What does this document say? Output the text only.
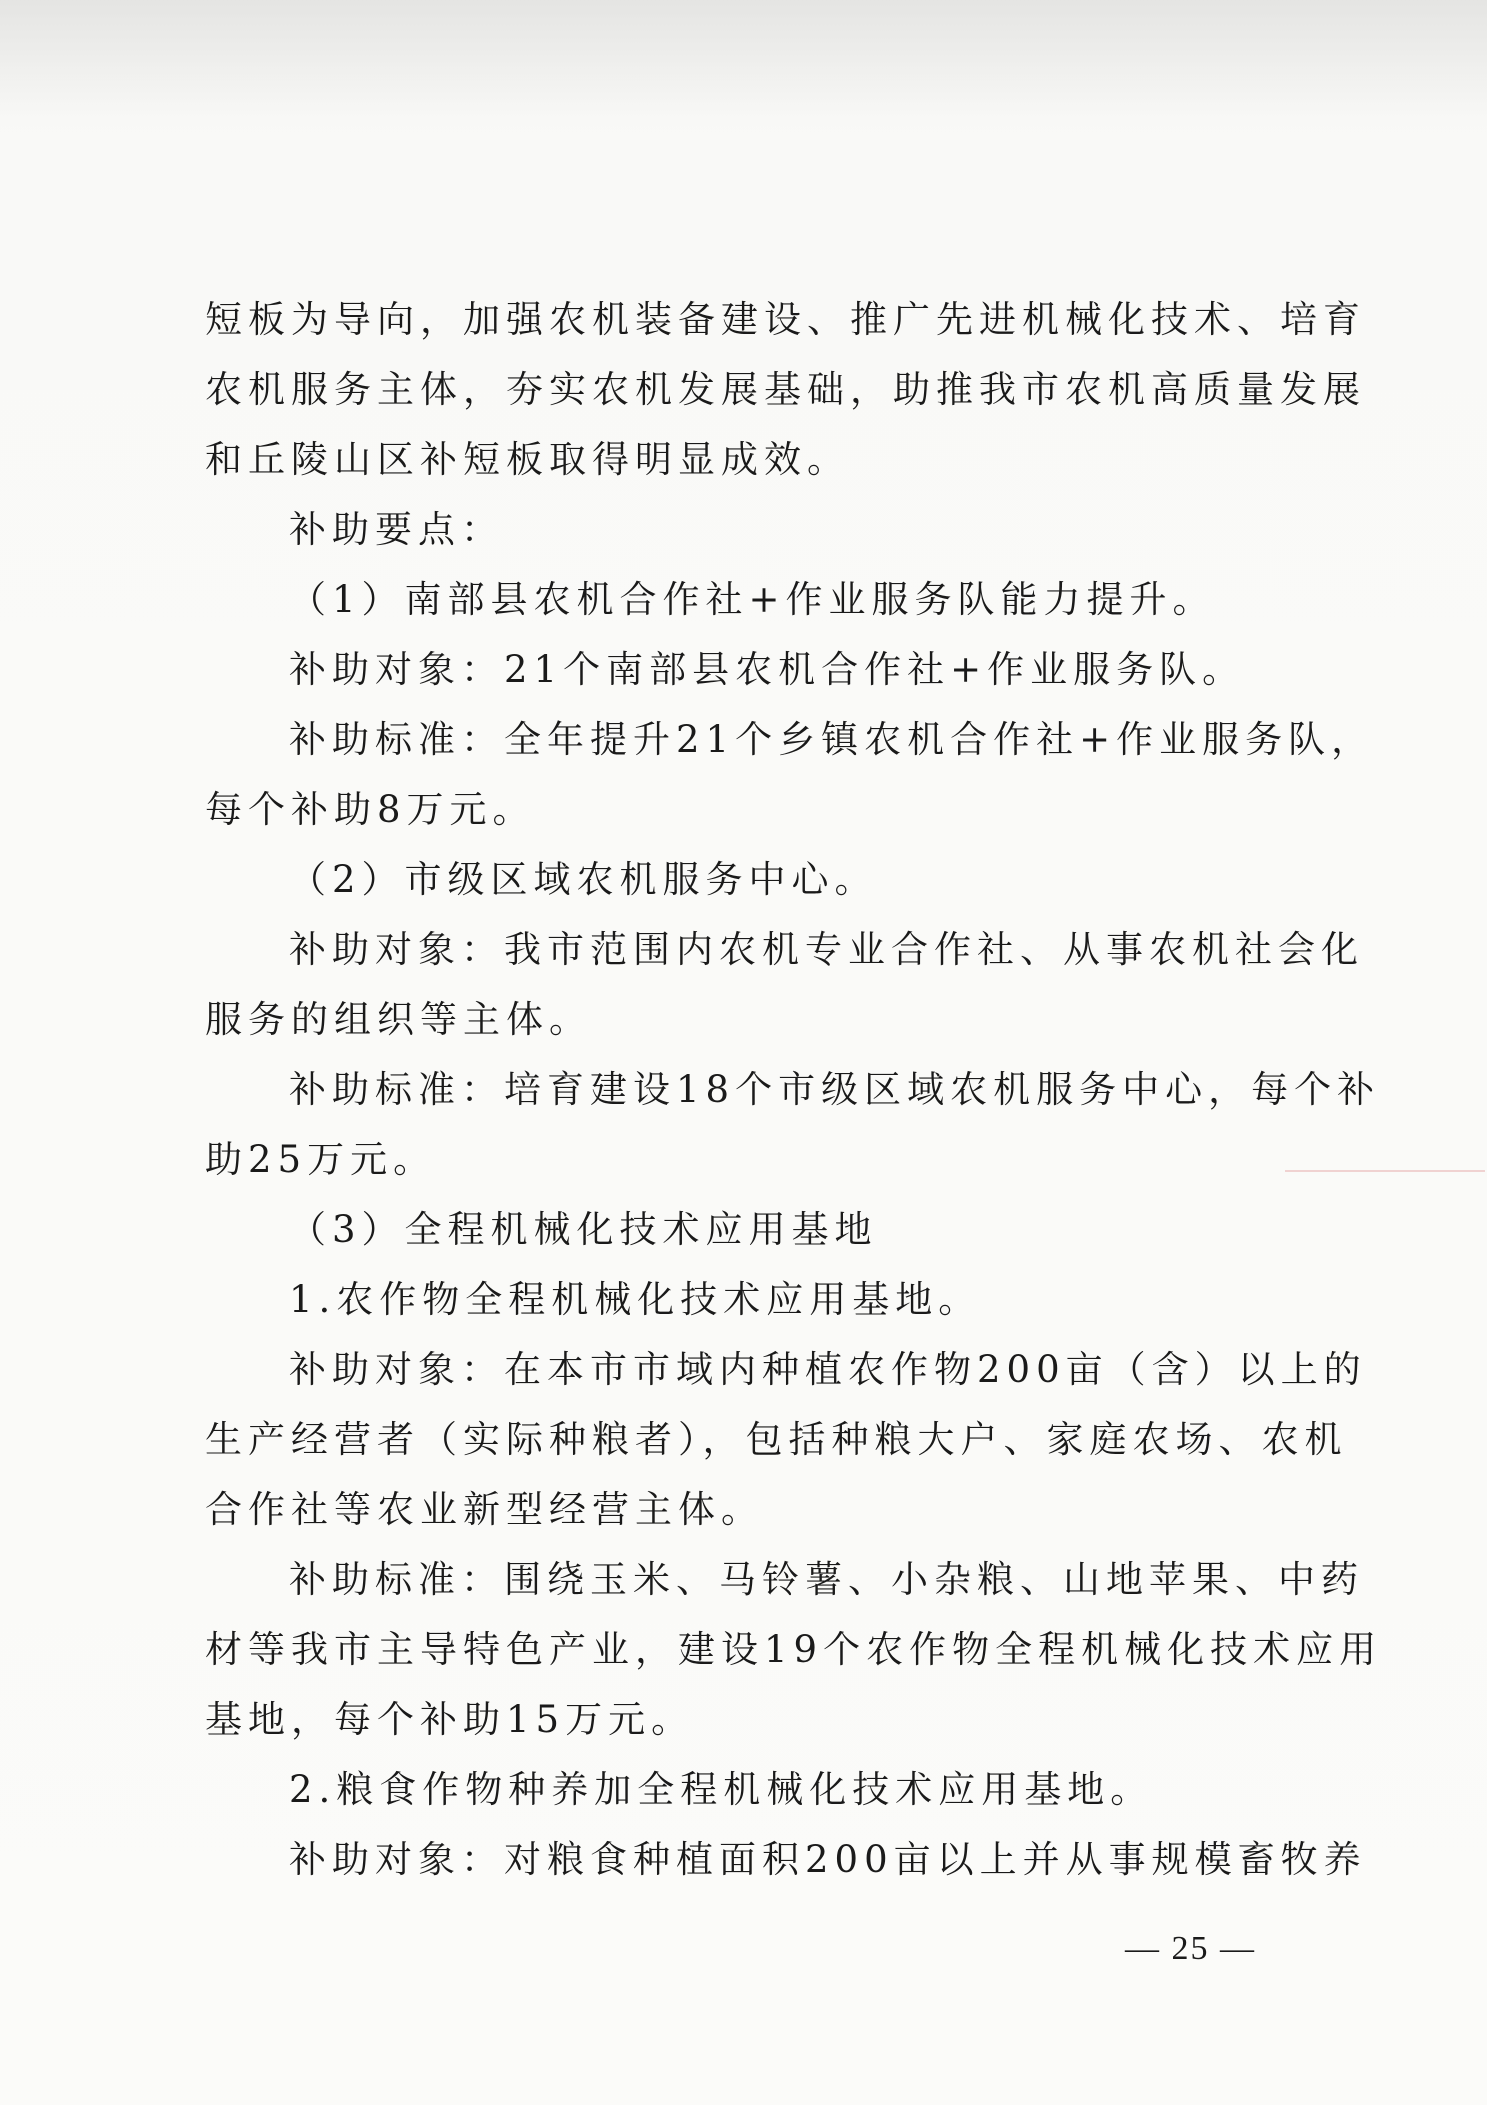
短板为导向，加强农机装备建设、推广先进机械化技术、培育
农机服务主体，夯实农机发展基础，助推我市农机高质量发展
和丘陵山区补短板取得明显成效。
补助要点：
（1）南部县农机合作社+作业服务队能力提升。
补助对象：21个南部县农机合作社+作业服务队。
补助标准：全年提升21个乡镇农机合作社+作业服务队，
每个补助8万元。
（2）市级区域农机服务中心。
补助对象：我市范围内农机专业合作社、从事农机社会化
服务的组织等主体。
补助标准：培育建设18个市级区域农机服务中心，每个补
助25万元。
（3）全程机械化技术应用基地
1.农作物全程机械化技术应用基地。
补助对象：在本市市域内种植农作物200亩（含）以上的
生产经营者（实际种粮者），包括种粮大户、家庭农场、农机
合作社等农业新型经营主体。
补助标准：围绕玉米、马铃薯、小杂粮、山地苹果、中药
材等我市主导特色产业，建设19个农作物全程机械化技术应用
基地，每个补助15万元。
2.粮食作物种养加全程机械化技术应用基地。
补助对象：对粮食种植面积200亩以上并从事规模畜牧养
— 25 —
